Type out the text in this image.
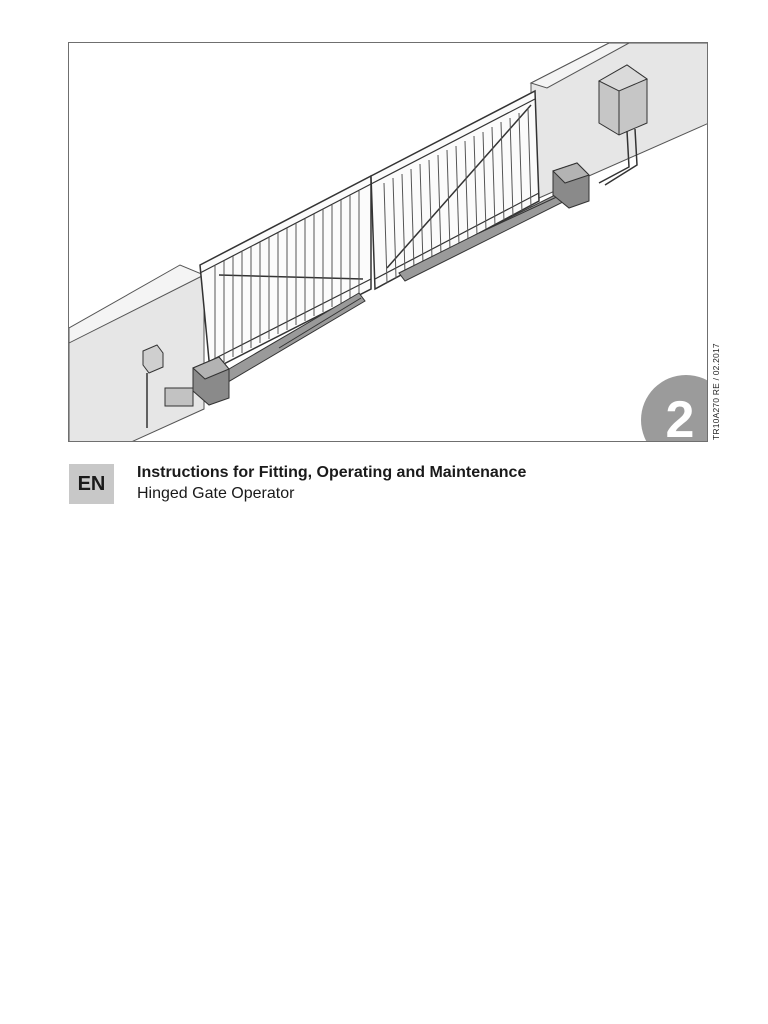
2 TR10A270 RE / 02.2017
EN
Instructions for Fitting, Operating and Maintenance
Hinged Gate Operator
